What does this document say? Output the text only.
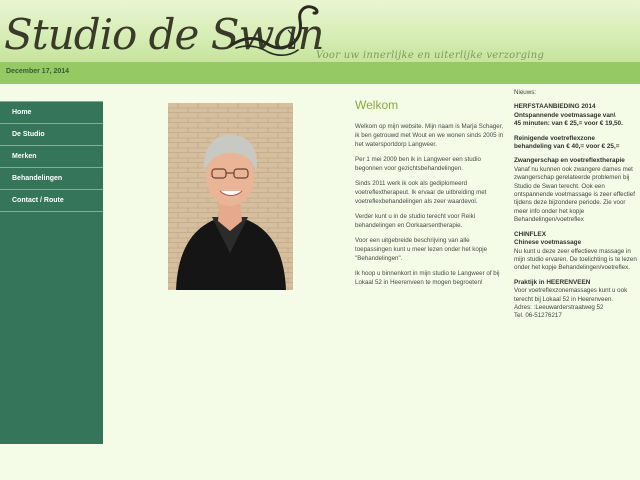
Studio de Swan
Voor uw innerlijke en uiterlijke verzorging
December 17, 2014
Home
De Studio
Merken
Behandelingen
Contact / Route
Welkom

Welkom op mijn website. Mijn naam is Marja Schager, ik ben getrouwd met Wout en we wonen sinds 2005 in het watersportdorp Langweer.

Per 1 mei 2009 ben ik in Langweer een studio begonnen voor gezichtsbehandelingen.

Sinds 2011 werk ik ook als gediplomeerd voetreflextherapeut. Ik ervaar de uitbreiding met voetreflexbehandelingen als zeer waardevol.

Verder kunt u in de studio terecht voor Reiki behandelingen en Oorkaarsentherapie.

Voor een uitgebreide beschrijving van alle toepassingen kunt u meer lezen onder het kopje "Behandelingen".

Ik hoop u binnenkort in mijn studio te Langweer of bij Lokaal 52 in Heerenveen te mogen begroeten!

Nieuws:
HERFSTAANBIEDING 2014
Ontspannende voetmassage van\
45 minuten: van € 25,= voor € 19,50.
Reinigende voetreflexzone
behandeling van € 40,= voor € 25,=
Zwangerschap en voetreflextherapie
Vanaf nu kunnen ook zwangere dames met zwangerschap gerelateerde problemen bij Studio de Swan terecht. Ook een ontspannende voetmassage is zeer effectief tijdens deze bijzondere periode. Zie voor meer info onder het kopje Behandelingen/voetreflex
CHINFLEX
Chinese voetmassage
Nu kunt u deze zeer effectieve massage in mijn studio ervaren. De toelichting is te lezen onder het kopje Behandelingen/voetreflex.
Praktijk in HEERENVEEN
Voor voetreflexzonemassages kunt u ook terecht bij Lokaal 52 in Heerenveen.
Adres: :Leeuwarderstraatweg 52
Tel. 06-51276217
